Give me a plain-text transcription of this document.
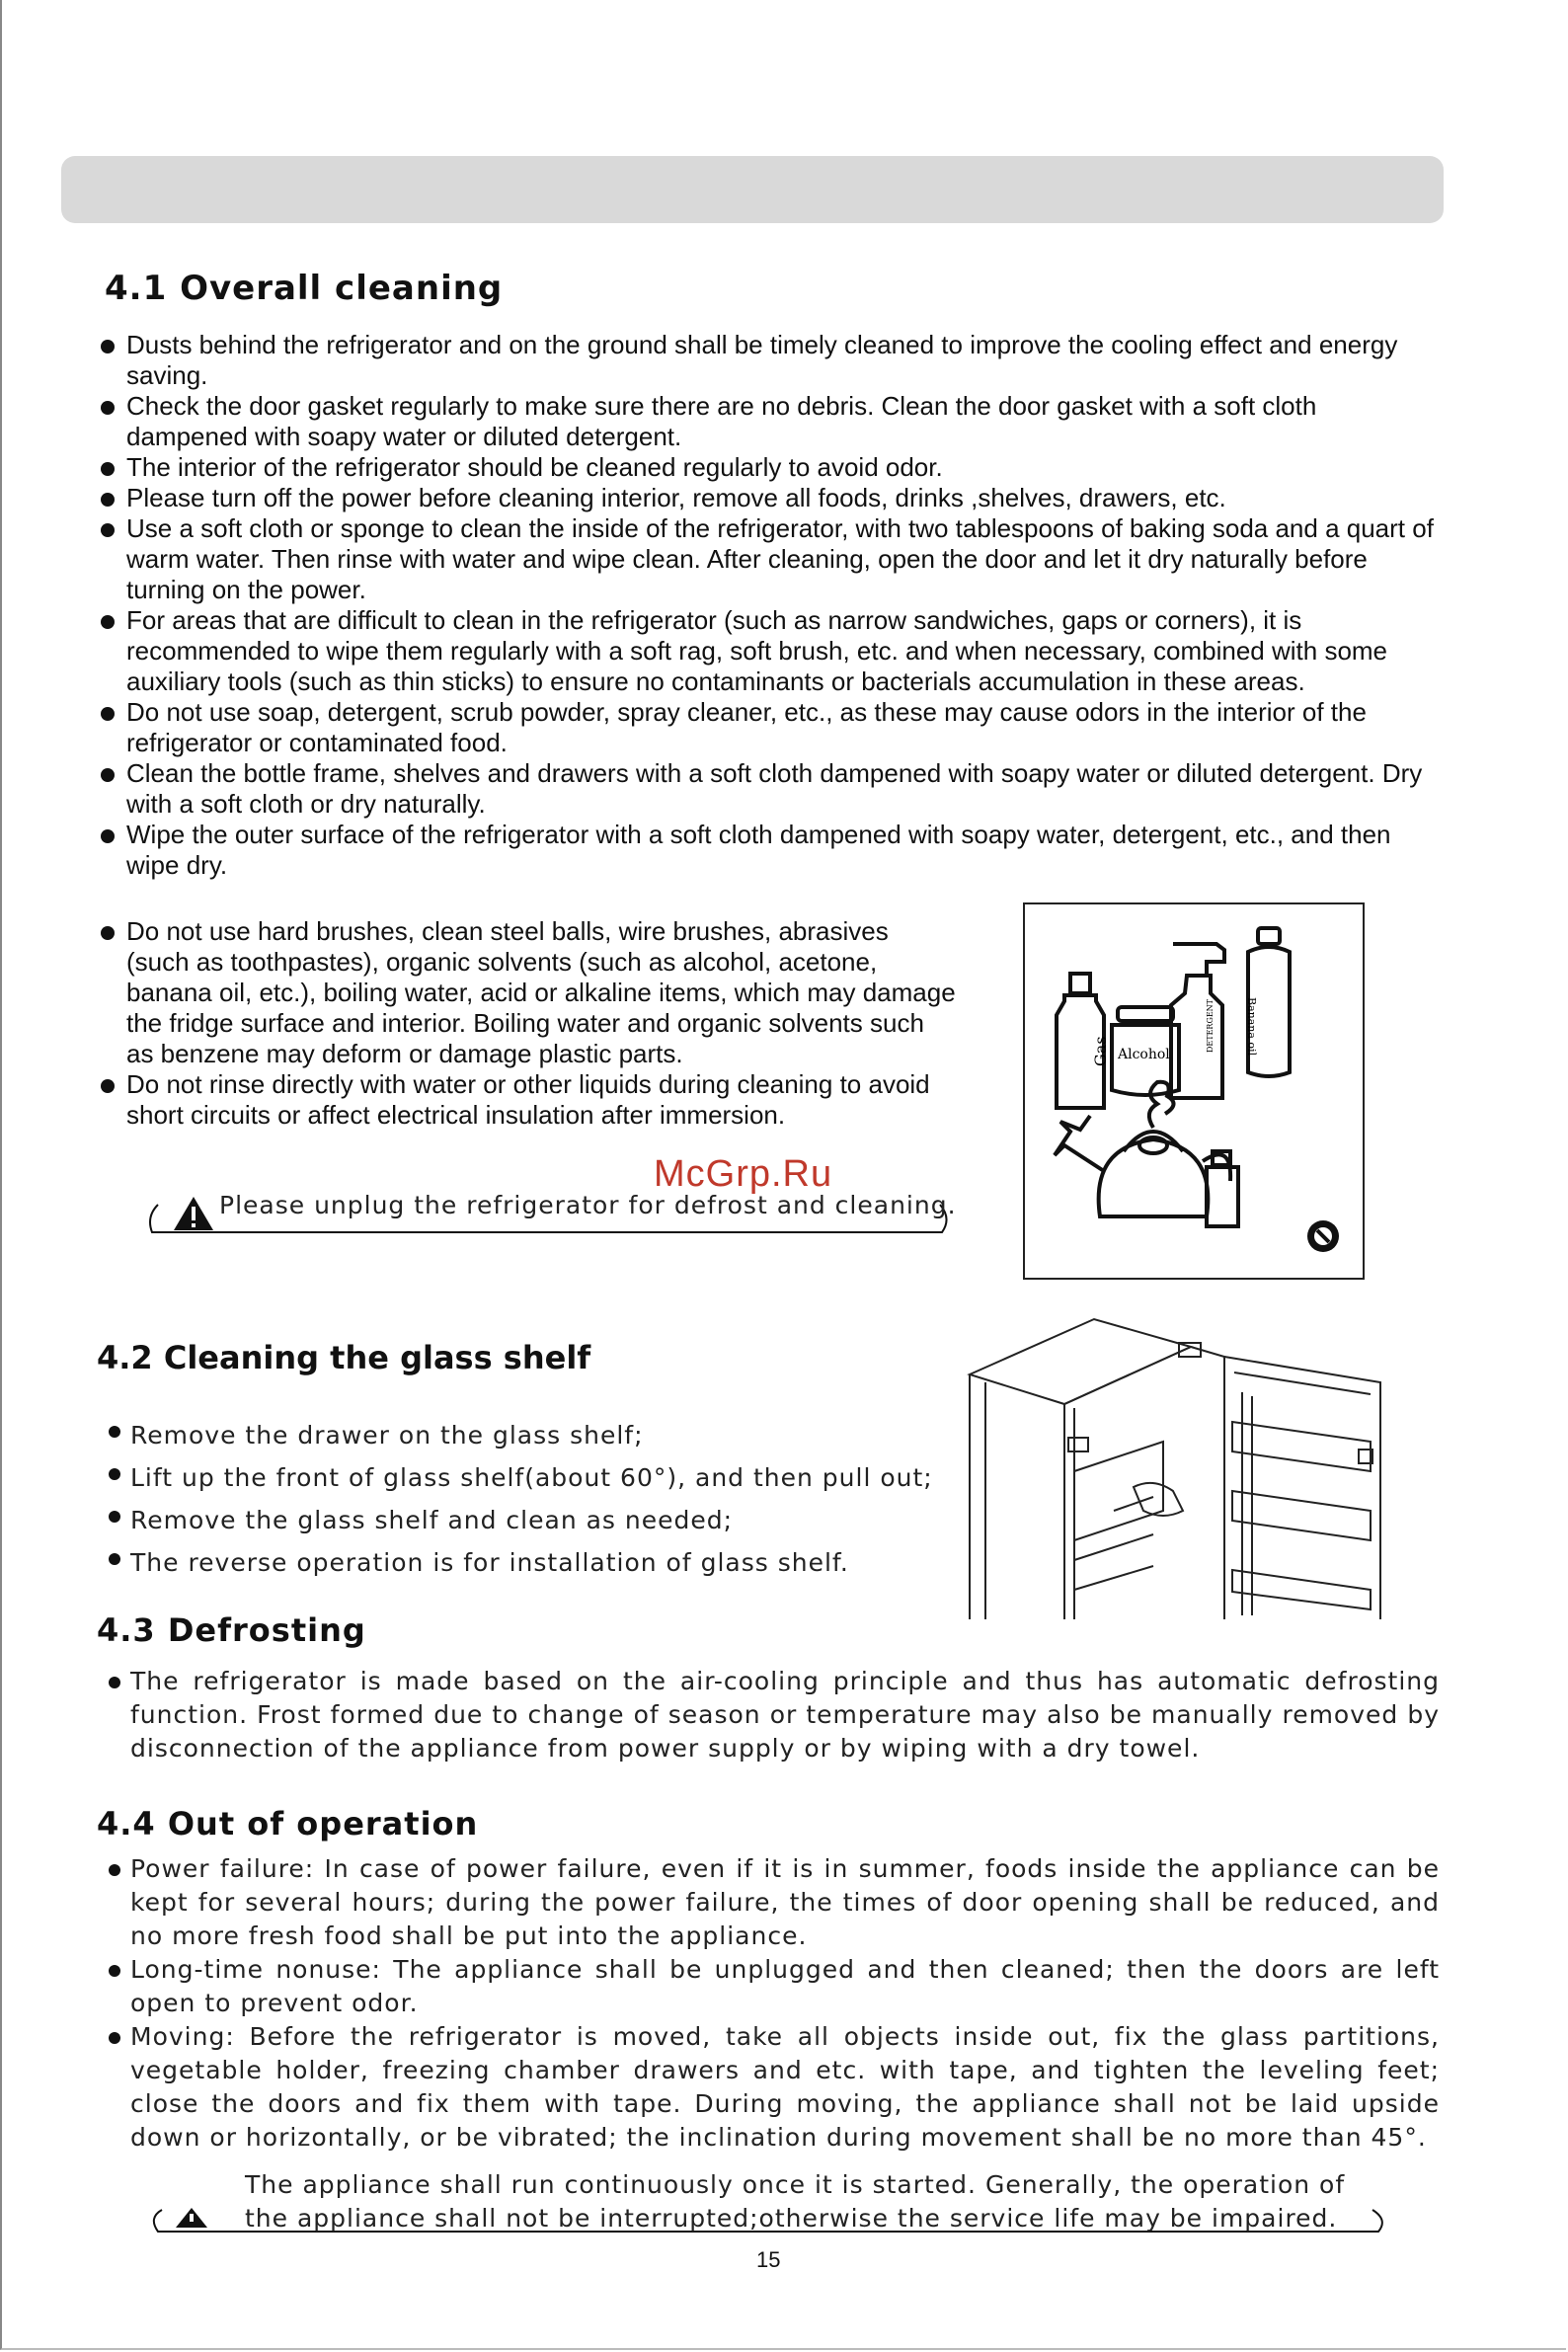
4.1 Overall cleaning
Dusts behind the refrigerator and on the ground shall be timely cleaned to improve the cooling effect and energy saving.
Check the door gasket regularly to make sure there are no debris. Clean the door gasket with a soft cloth dampened with soapy water or diluted detergent.
The interior of the refrigerator should be cleaned regularly to avoid odor.
Please turn off the power before cleaning interior, remove all foods, drinks ,shelves, drawers, etc.
Use a soft cloth or sponge to clean the inside of the refrigerator, with two tablespoons of baking soda and a quart of warm water. Then rinse with water and wipe clean. After cleaning, open the door and let it dry naturally before turning on the power.
For areas that are difficult to clean in the refrigerator (such as narrow sandwiches, gaps or corners), it is recommended to wipe them regularly with a soft rag, soft brush, etc. and when necessary, combined with some auxiliary tools (such as thin sticks) to ensure no contaminants or bacterials accumulation in these areas.
Do not use soap, detergent, scrub powder, spray cleaner, etc., as these may cause odors in the interior of the refrigerator or contaminated food.
Clean the bottle frame, shelves and drawers with a soft cloth dampened with soapy water or diluted detergent. Dry with a soft cloth or dry naturally.
Wipe the outer surface of the refrigerator with a soft cloth dampened with soapy water, detergent, etc., and then wipe dry.
Do not use hard brushes, clean steel balls, wire brushes, abrasives (such as toothpastes), organic solvents (such as alcohol, acetone, banana oil, etc.), boiling water, acid or alkaline items, which may damage the fridge surface and interior. Boiling water and organic solvents such as benzene may deform or damage plastic parts.
Do not rinse directly with water or other liquids during cleaning to avoid short circuits or affect electrical insulation after immersion.
Gas Alcohol
DETERGENT	Banana oil
McGrp.Ru
Please unplug the refrigerator for defrost and cleaning.
4.2 Cleaning the glass shelf
Remove the drawer on the glass shelf;
Lift up the front of glass shelf(about 60°), and then pull out;
Remove the glass shelf and clean as needed;
The reverse operation is for installation of glass shelf.
4.3 Defrosting
The refrigerator is made based on the air-cooling principle and thus has automatic defrosting function. Frost formed due to change of season or temperature may also be manually removed by disconnection of the appliance from power supply or by wiping with a dry towel.
4.4 Out of operation
Power failure: In case of power failure, even if it is in summer, foods inside the appliance can be kept for several hours; during the power failure, the times of door opening shall be reduced, and no more fresh food shall be put into the appliance.
Long-time nonuse: The appliance shall be unplugged and then cleaned; then the doors are left open to prevent odor.
Moving: Before the refrigerator is moved, take all objects inside out, fix the glass partitions, vegetable holder, freezing chamber drawers and etc. with tape, and tighten the leveling feet; close the doors and fix them with tape. During moving, the appliance shall not be laid upside down or horizontally, or be vibrated; the inclination during movement shall be no more than 45°.
The appliance shall run continuously once it is started. Generally, the operation of
the appliance shall not be interrupted;otherwise the service life may be impaired.
15
